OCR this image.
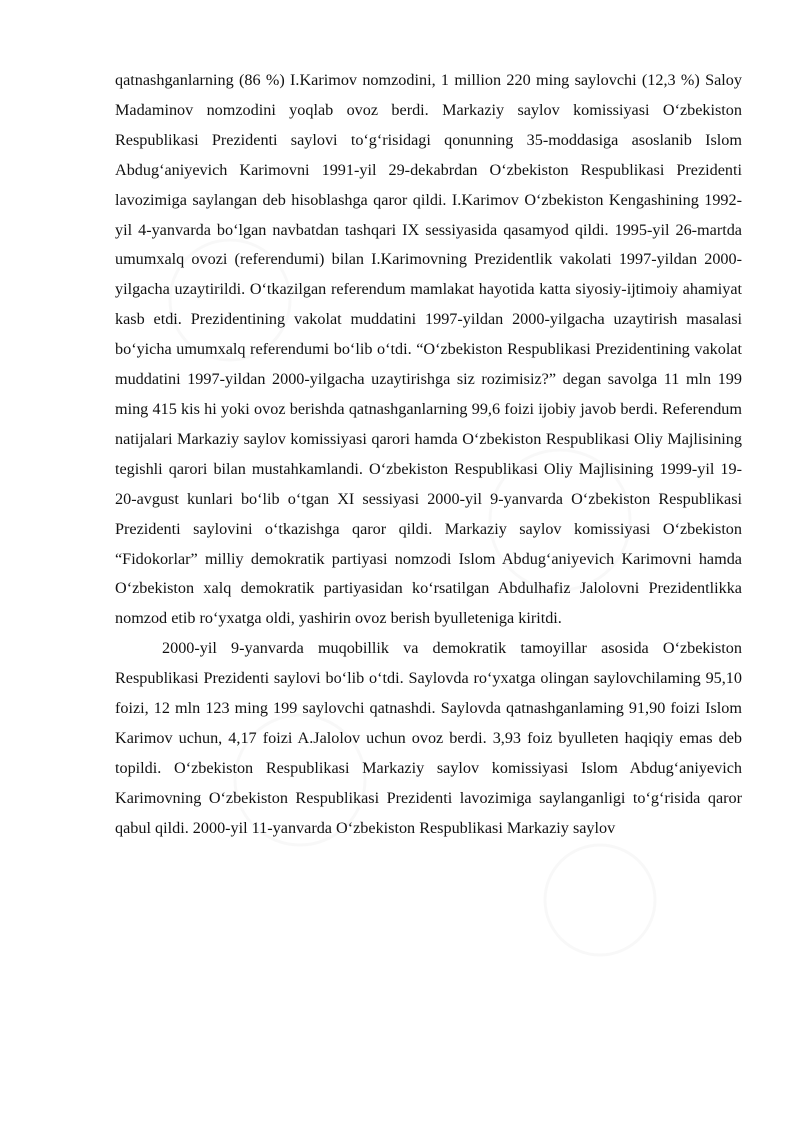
qatnashganlarning (86 %) I.Karimov nomzodini, 1 million 220 ming saylovchi (12,3 %) Saloy Madaminov nomzodini yoqlab ovoz berdi. Markaziy saylov komissiyasi O‘zbekiston Respublikasi Prezidenti saylovi to‘g‘risidagi qonunning 35-moddasiga asoslanib Islom Abdug‘aniyevich Karimovni 1991-yil 29-dekabrdan O‘zbekiston Respublikasi Prezidenti lavozimiga saylangan deb hisoblashga qaror qildi. I.Karimov O‘zbekiston Kengashining 1992-yil 4-yanvarda bo‘lgan navbatdan tashqari IX sessiyasida qasamyod qildi. 1995-yil 26-martda umumxalq ovozi (referendumi) bilan I.Karimovning Prezidentlik vakolati 1997-yildan 2000-yilgacha uzaytirildi. O‘tkazilgan referendum mamlakat hayotida katta siyosiy-ijtimoiy ahamiyat kasb etdi. Prezidentining vakolat muddatini 1997-yildan 2000-yilgacha uzaytirish masalasi bo‘yicha umumxalq referendumi bo‘lib o‘tdi. “O‘zbekiston Respublikasi Prezidentining vakolat muddatini 1997-yildan 2000-yilgacha uzaytirishga siz rozimisiz?” degan savolga 11 mln 199 ming 415 kis hi yoki ovoz berishda qatnashganlarning 99,6 foizi ijobiy javob berdi. Referendum natijalari Markaziy saylov komissiyasi qarori hamda O‘zbekiston Respublikasi Oliy Majlisining tegishli qarori bilan mustahkamlandi. O‘zbekiston Respublikasi Oliy Majlisining 1999-yil 19-20-avgust kunlari bo‘lib o‘tgan XI sessiyasi 2000-yil 9-yanvarda O‘zbekiston Respublikasi Prezidenti saylovini o‘tkazishga qaror qildi. Markaziy saylov komissiyasi O‘zbekiston “Fidokorlar” milliy demokratik partiyasi nomzodi Islom Abdug‘aniyevich Karimovni hamda O‘zbekiston xalq demokratik partiyasidan ko‘rsatilgan Abdulhafiz Jalolovni Prezidentlikka nomzod etib ro‘yxatga oldi, yashirin ovoz berish byulleteniga kiritdi.

2000-yil 9-yanvarda muqobillik va demokratik tamoyillar asosida O‘zbekiston Respublikasi Prezidenti saylovi bo‘lib o‘tdi. Saylovda ro‘yxatga olingan saylovchilaming 95,10 foizi, 12 mln 123 ming 199 saylovchi qatnashdi. Saylovda qatnashganlaming 91,90 foizi Islom Karimov uchun, 4,17 foizi A.Jalolov uchun ovoz berdi. 3,93 foiz byulleten haqiqiy emas deb topildi. O‘zbekiston Respublikasi Markaziy saylov komissiyasi Islom Abdug‘aniyevich Karimovning O‘zbekiston Respublikasi Prezidenti lavozimiga saylanganligi to‘g‘risida qaror qabul qildi. 2000-yil 11-yanvarda O‘zbekiston Respublikasi Markaziy saylov
